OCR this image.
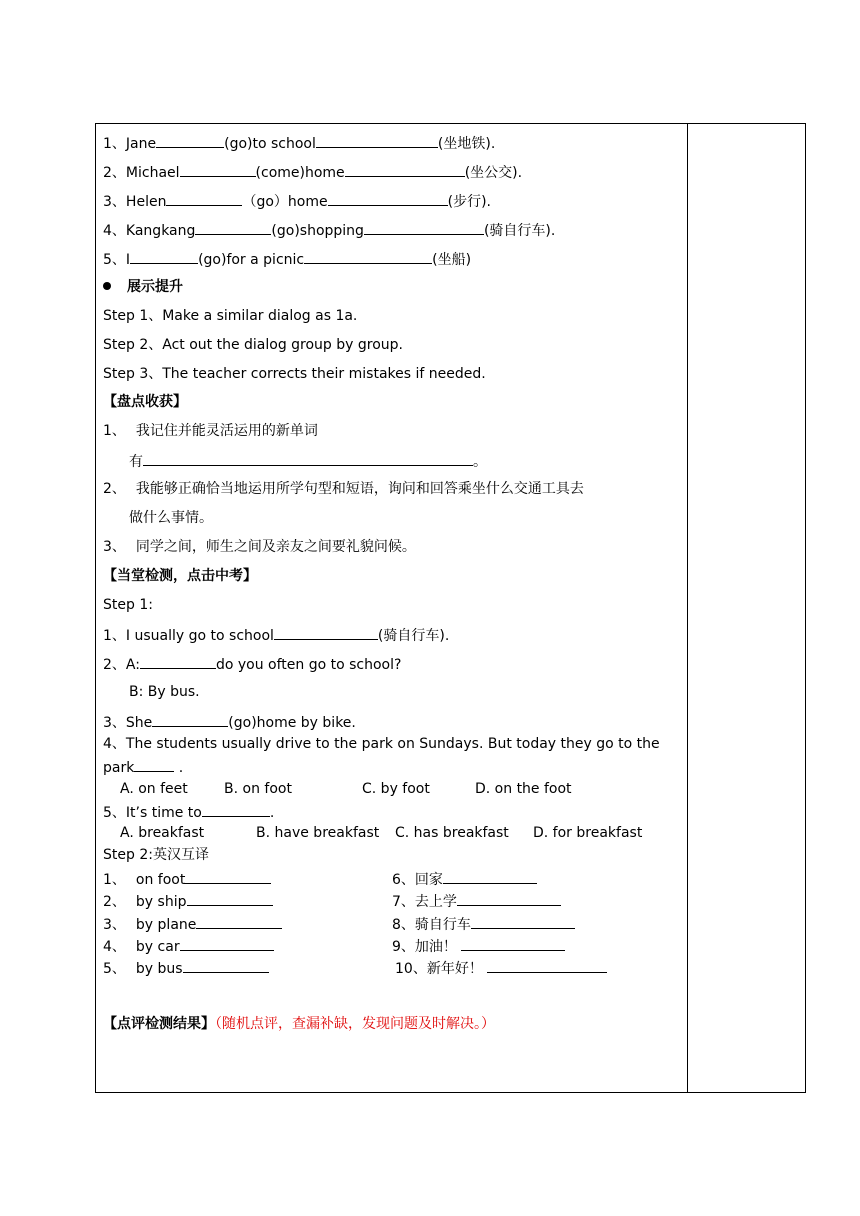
1、Jane	(go)to school	(坐地铁).
2、Michael	(come)home	(坐公交).
3、Helen	（go）home	(步行).
4、Kangkang	(go)shopping	(骑自行车).
5、I	(go)for a picnic	(坐船)
展示提升
Step 1、Make a similar dialog as 1a.
Step 2、Act out the dialog group by group.
Step 3、The teacher corrects their mistakes if needed.
【盘点收获】
1、 我记住并能灵活运用的新单词
有	。
2、 我能够正确恰当地运用所学句型和短语，询问和回答乘坐什么交通工具去
做什么事情。
3、 同学之间，师生之间及亲友之间要礼貌问候。
【当堂检测，点击中考】
Step 1:
1、I usually go to school	(骑自行车).
2、A:	do you often go to school?
B: By bus.
3、She	(go)home by bike.
4、The students usually drive to the park on Sundays. But today they go to the
park	.
A. on feet	B. on foot	C. by foot	D. on the foot
5、It’s time to	.
A. breakfast	B. have breakfast C. has breakfast D. for breakfast
Step 2:英汉互译
1、 on foot	6、回家
2、 by ship	7、去上学
3、 by plane	8、骑自行车
4、 by car	9、加油！
5、 by bus	10、新年好！
【点评检测结果】（随机点评，查漏补缺，发现问题及时解决。）
